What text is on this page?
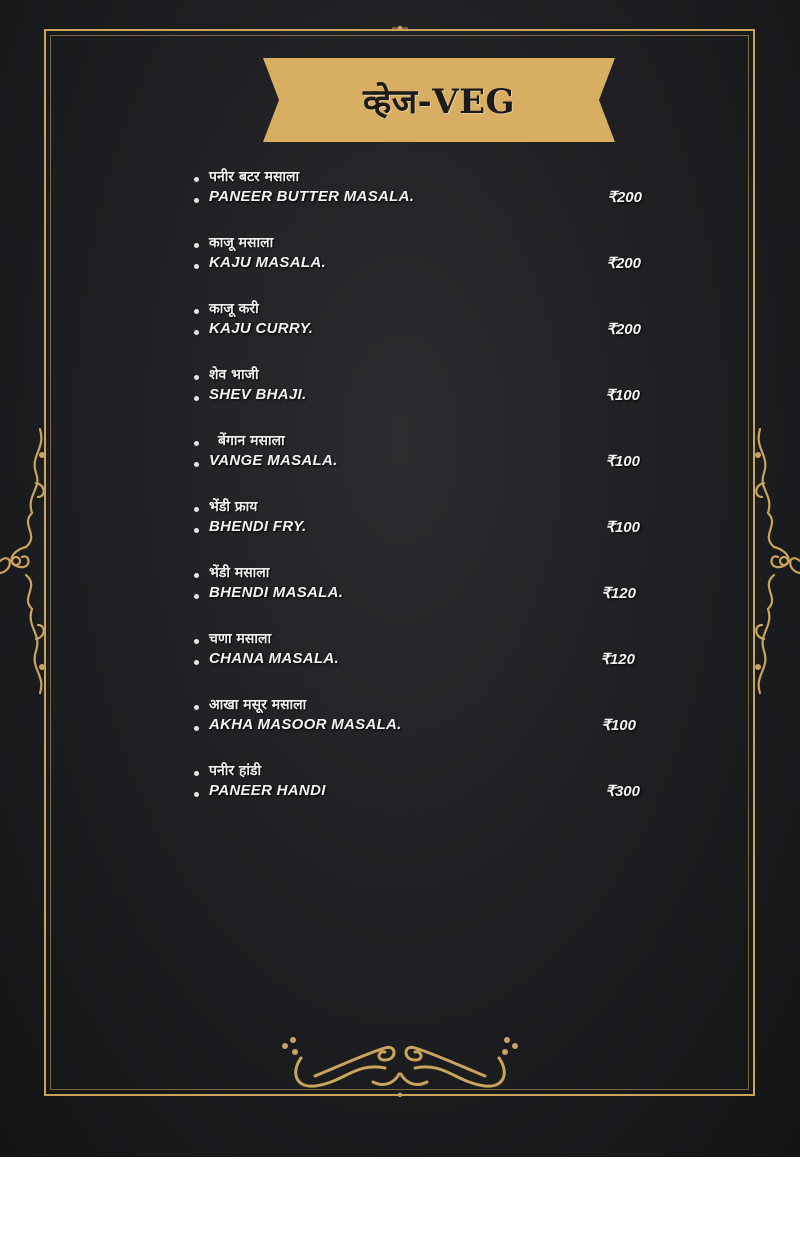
व्हेज-VEG
पनीर बटर मसाला
PANEER BUTTER MASALA.	₹200
काजू मसाला
KAJU MASALA.	₹200
काजू करी
KAJU CURRY.	₹200
शेव भाजी
SHEV BHAJI.	₹100
बेंगान मसाला
VANGE MASALA.	₹100
भेंडी फ्राय
BHENDI FRY.	₹100
भेंडी मसाला
BHENDI MASALA.	₹120
चणा मसाला
CHANA MASALA.	₹120
आखा मसूर मसाला
AKHA MASOOR MASALA.	₹100
पनीर हांडी
PANEER HANDI	₹300
